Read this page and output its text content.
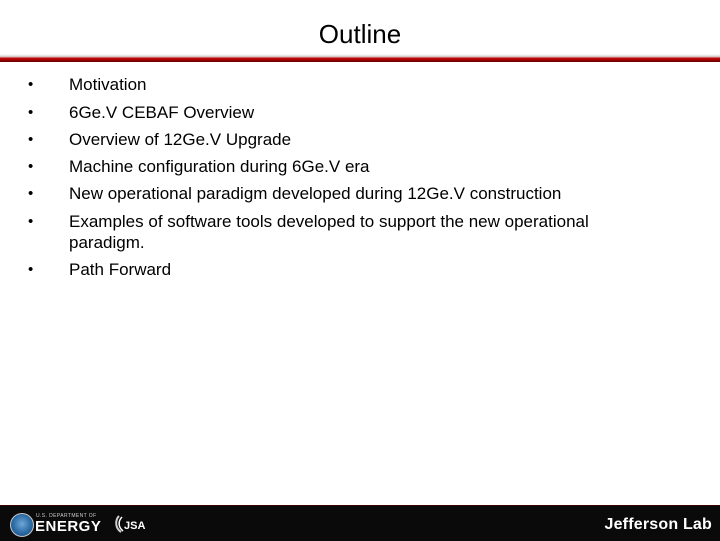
Outline
• Motivation
• 6Ge.V CEBAF Overview
• Overview of 12Ge.V Upgrade
• Machine configuration during 6Ge.V era
• New operational paradigm developed during 12Ge.V construction
• Examples of software tools developed to support the new operational paradigm.
• Path Forward
U.S. DEPARTMENT OF
ENERGY JSA	Jefferson Lab
